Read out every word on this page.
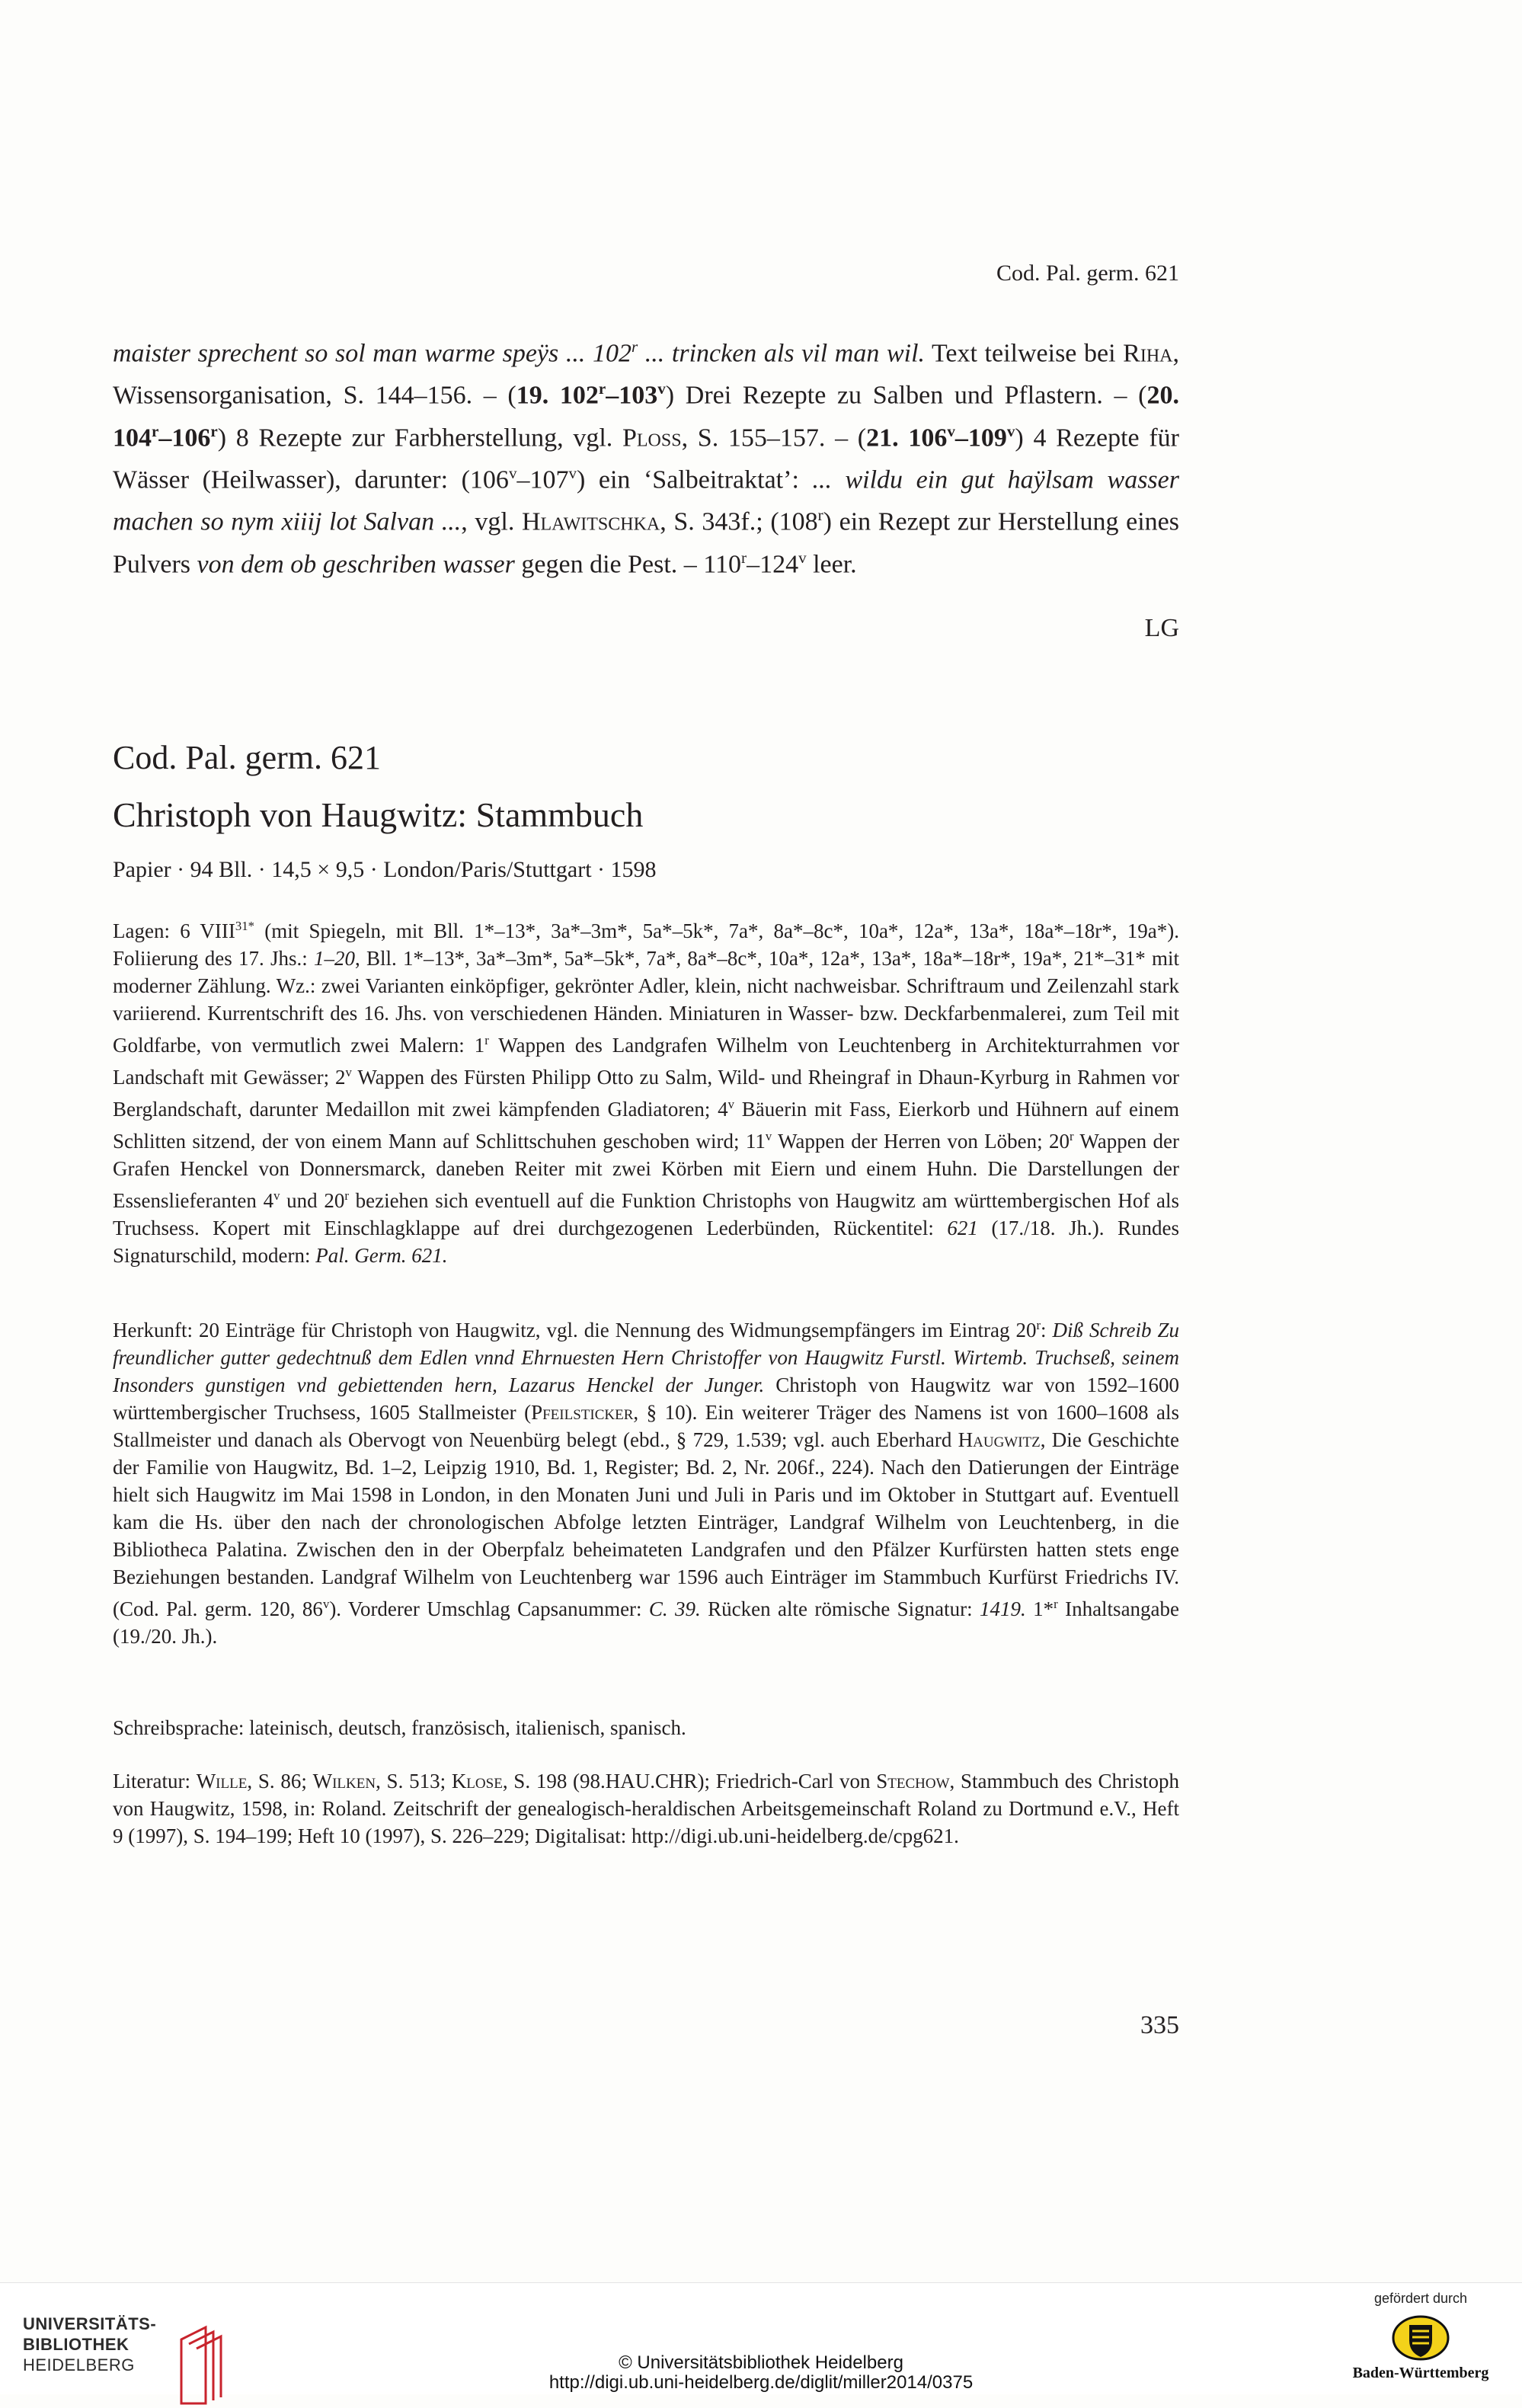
Cod. Pal. germ. 621

maister sprechent so sol man warme speÿs ... 102$^r$ ... trincken als vil man wil. Text teilweise bei Riha, Wissensorganisation, S. 144–156. – (19. 102$^r$–103$^v$) Drei Rezepte zu Salben und Pflastern. – (20. 104$^r$–106$^r$) 8 Rezepte zur Farbherstellung, vgl. Ploss, S. 155–157. – (21. 106$^v$–109$^v$) 4 Rezepte für Wässer (Heilwasser), darunter: (106$^v$–107$^v$) ein ‘Salbeitraktat’: ... wildu ein gut haÿlsam wasser machen so nym xiiij lot Salvan ..., vgl. Hlawitschka, S. 343f.; (108$^r$) ein Rezept zur Herstellung eines Pulvers von dem ob geschriben wasser gegen die Pest. – 110$^r$–124$^v$ leer.

LG
Cod. Pal. germ. 621
Christoph von Haugwitz: Stammbuch
Papier · 94 Bll. · 14,5 × 9,5 · London/Paris/Stuttgart · 1598

Lagen: 6 $VIII^{31*}$ (mit Spiegeln, mit Bll. 1*–13*, 3a*–3m*, 5a*–5k*, 7a*, 8a*–8c*, 10a*, 12a*, 13a*, 18a*–18r*, 19a*). Foliierung des 17. Jhs.: 1–20, Bll. 1*–13*, 3a*–3m*, 5a*–5k*, 7a*, 8a*–8c*, 10a*, 12a*, 13a*, 18a*–18r*, 19a*, 21*–31* mit moderner Zählung. Wz.: zwei Varianten einköpfiger, gekrönter Adler, klein, nicht nachweisbar. Schriftraum und Zeilenzahl stark variierend. Kurrentschrift des 16. Jhs. von verschiedenen Händen. Miniaturen in Wasser- bzw. Deckfarbenmalerei, zum Teil mit Goldfarbe, von vermutlich zwei Malern: 1$^r$ Wappen des Landgrafen Wilhelm von Leuchtenberg in Architekturrahmen vor Landschaft mit Gewässer; 2$^v$ Wappen des Fürsten Philipp Otto zu Salm, Wild- und Rheingraf in Dhaun-Kyrburg in Rahmen vor Berglandschaft, darunter Medaillon mit zwei kämpfenden Gladiatoren; 4$^v$ Bäuerin mit Fass, Eierkorb und Hühnern auf einem Schlitten sitzend, der von einem Mann auf Schlittschuhen geschoben wird; 11$^v$ Wappen der Herren von Löben; 20$^r$ Wappen der Grafen Henckel von Donnersmarck, daneben Reiter mit zwei Körben mit Eiern und einem Huhn. Die Darstellungen der Essenslieferanten 4$^v$ und 20$^r$ beziehen sich eventuell auf die Funktion Christophs von Haugwitz am württembergischen Hof als Truchsess. Kopert mit Einschlagklappe auf drei durchgezogenen Lederbünden, Rückentitel: 621 (17./18. Jh.). Rundes Signaturschild, modern: Pal. Germ. 621.

Herkunft: 20 Einträge für Christoph von Haugwitz, vgl. die Nennung des Widmungsempfängers im Eintrag 20$^r$: Diß Schreib Zu freundlicher gutter gedechtnuß dem Edlen vnnd Ehrnuesten Hern Christoffer von Haugwitz Furstl. Wirtemb. Truchseß, seinem Insonders gunstigen vnd gebiettenden hern, Lazarus Henckel der Junger. Christoph von Haugwitz war von 1592–1600 württembergischer Truchsess, 1605 Stallmeister (Pfeilsticker, § 10). Ein weiterer Träger des Namens ist von 1600–1608 als Stallmeister und danach als Obervogt von Neuenbürg belegt (ebd., § 729, 1.539; vgl. auch Eberhard Haugwitz, Die Geschichte der Familie von Haugwitz, Bd. 1–2, Leipzig 1910, Bd. 1, Register; Bd. 2, Nr. 206f., 224). Nach den Datierungen der Einträge hielt sich Haugwitz im Mai 1598 in London, in den Monaten Juni und Juli in Paris und im Oktober in Stuttgart auf. Eventuell kam die Hs. über den nach der chronologischen Abfolge letzten Einträger, Landgraf Wilhelm von Leuchtenberg, in die Bibliotheca Palatina. Zwischen den in der Oberpfalz beheimateten Landgrafen und den Pfälzer Kurfürsten hatten stets enge Beziehungen bestanden. Landgraf Wilhelm von Leuchtenberg war 1596 auch Einträger im Stammbuch Kurfürst Friedrichs IV. (Cod. Pal. germ. 120, 86$^v$). Vorderer Umschlag Capsanummer: C. 39. Rücken alte römische Signatur: 1419. 1*$^r$ Inhaltsangabe (19./20. Jh.).

Schreibsprache: lateinisch, deutsch, französisch, italienisch, spanisch.

Literatur: Wille, S. 86; Wilken, S. 513; Klose, S. 198 (98.HAU.CHR); Friedrich-Carl von Stechow, Stammbuch des Christoph von Haugwitz, 1598, in: Roland. Zeitschrift der genealogisch-heraldischen Arbeitsgemeinschaft Roland zu Dortmund e.V., Heft 9 (1997), S. 194–199; Heft 10 (1997), S. 226–229; Digitalisat: http://digi.ub.uni-heidelberg.de/cpg621.

335
UNIVERSITÄTS-
BIBLIOTHEK
HEIDELBERG	© Universitätsbibliothek Heidelberg
http://digi.ub.uni-heidelberg.de/diglit/miller2014/0375
gefördert durch
Baden-Württemberg
